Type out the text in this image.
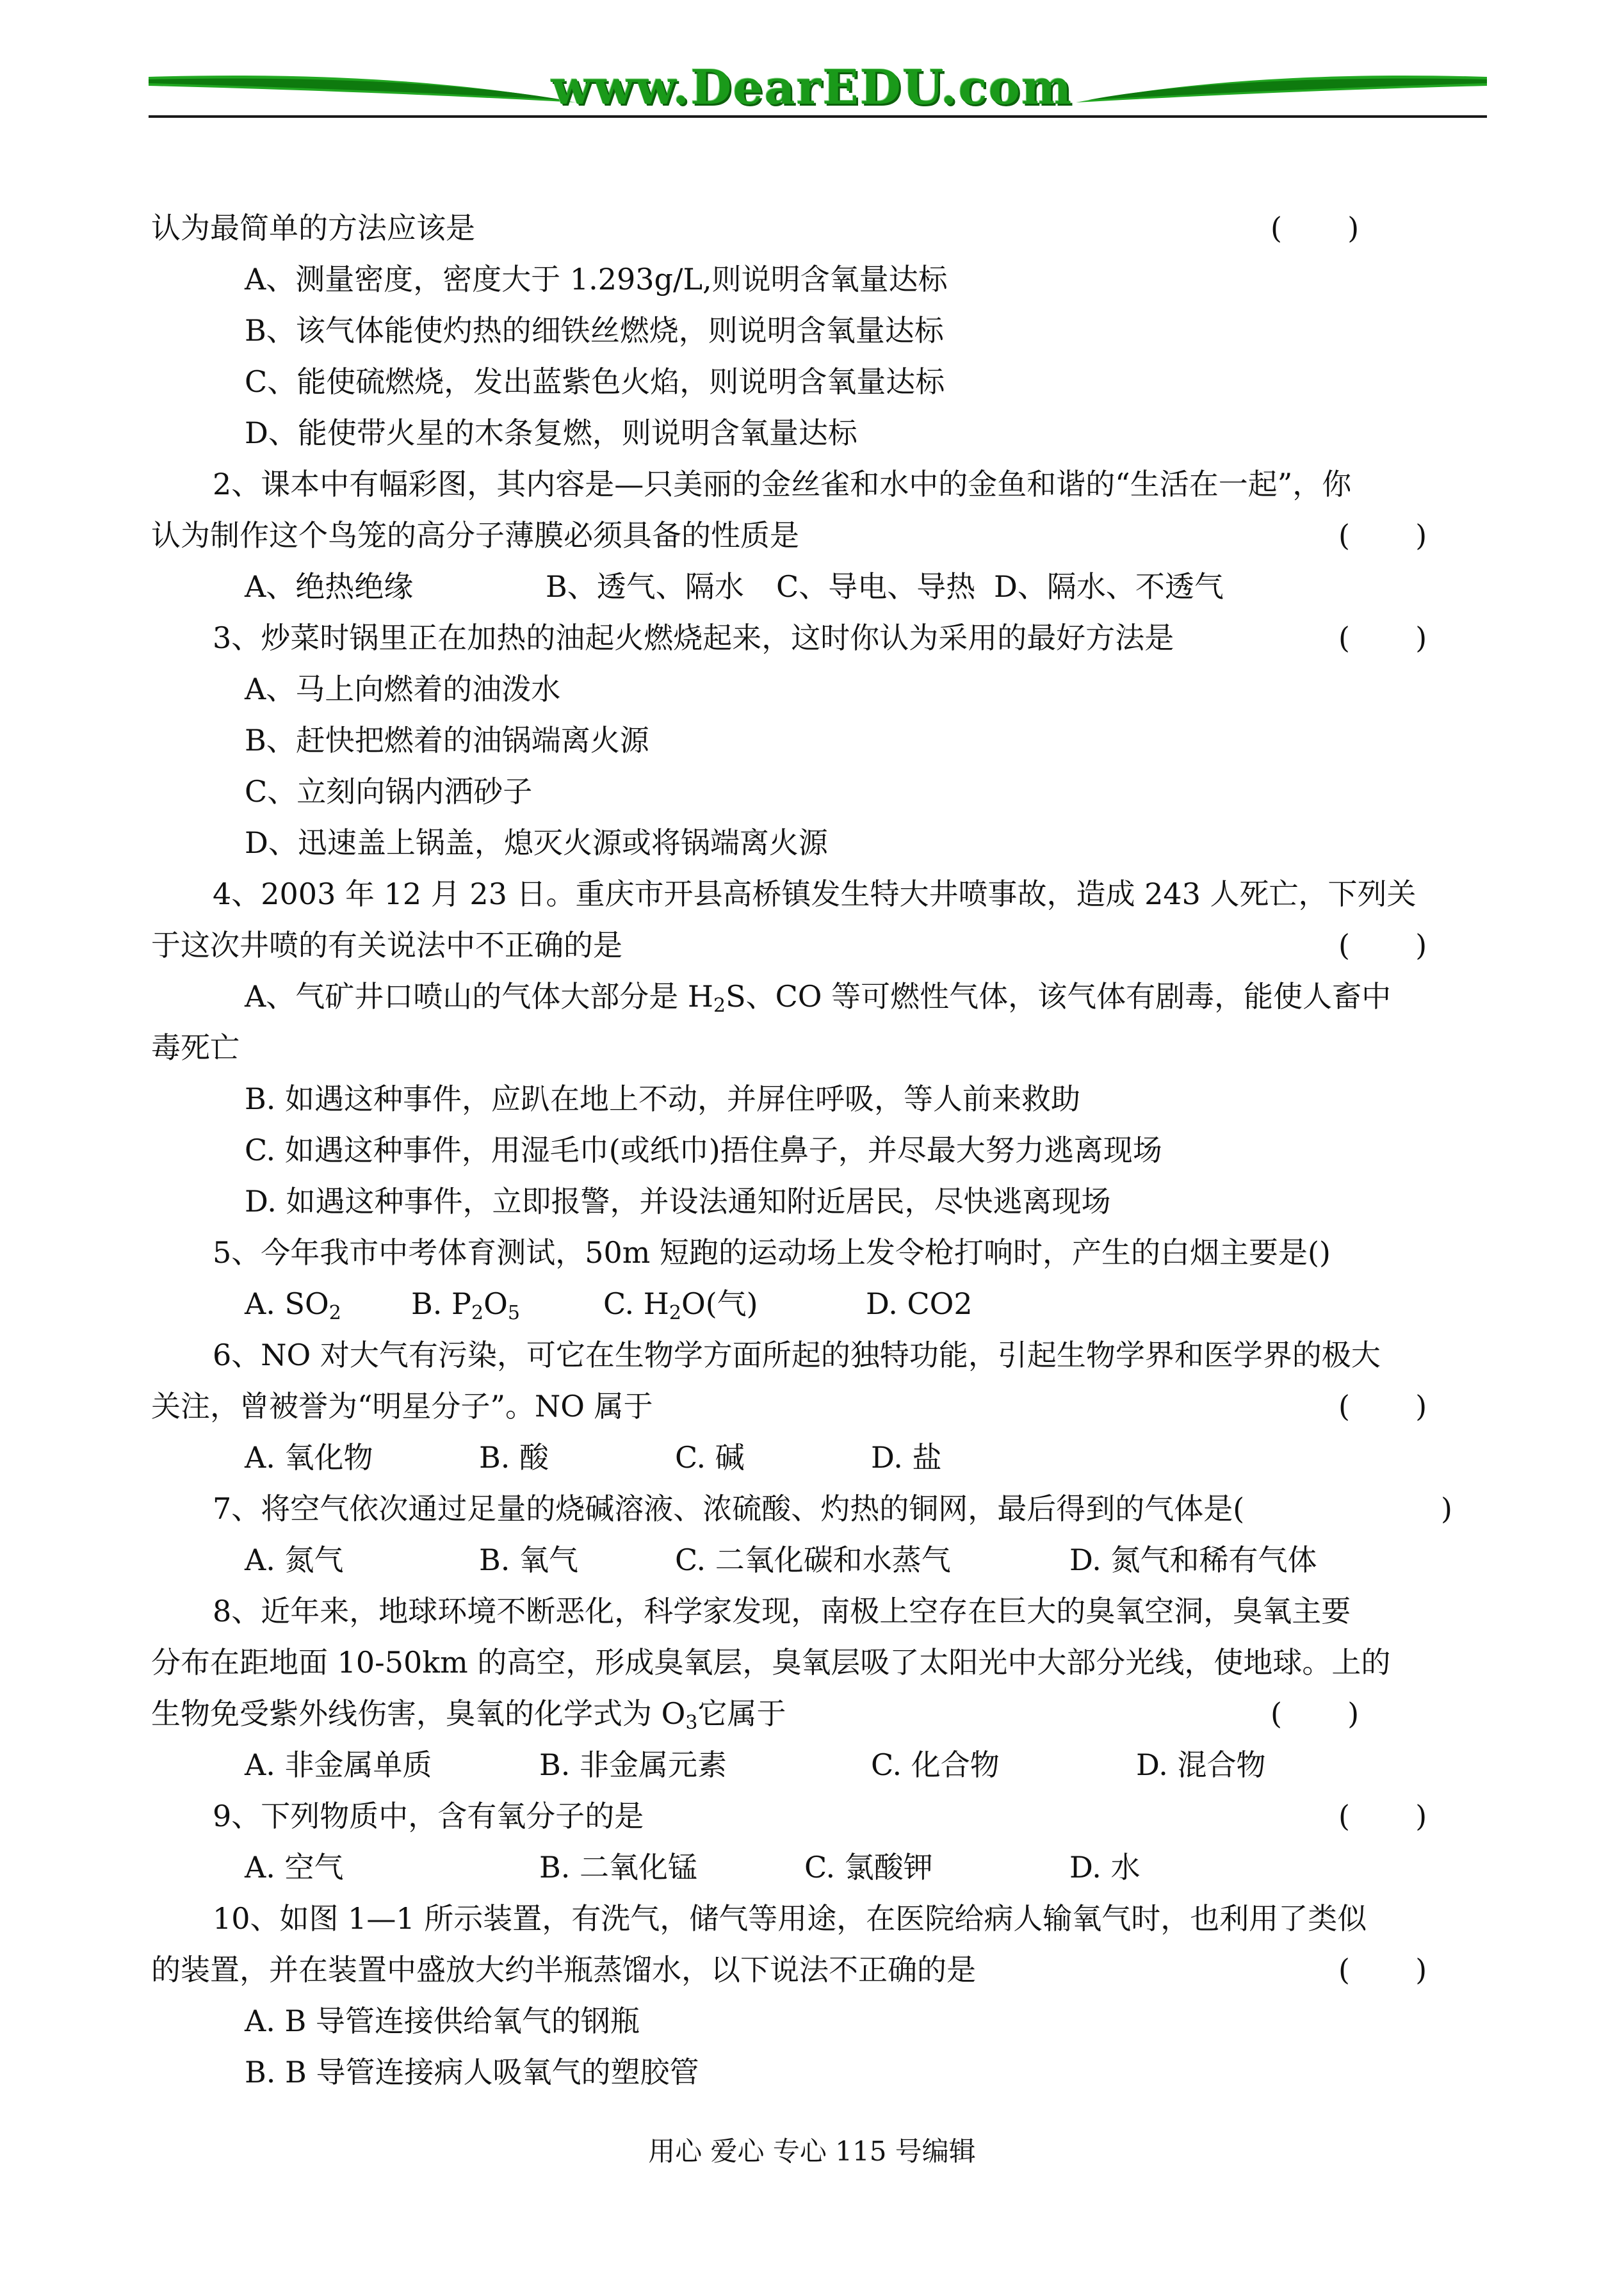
www.DearEDU.com
认为最简单的方法应该是	(       )
A、测量密度，密度大于 1.293g/L,则说明含氧量达标
B、该气体能使灼热的细铁丝燃烧，则说明含氧量达标
C、能使硫燃烧，发出蓝紫色火焰，则说明含氧量达标
D、能使带火星的木条复燃，则说明含氧量达标
2、课本中有幅彩图，其内容是—只美丽的金丝雀和水中的金鱼和谐的“生活在一起”，你
认为制作这个鸟笼的高分子薄膜必须具备的性质是	(       )
A、绝热绝缘	B、透气、隔水 C、导电、导热 D、隔水、不透气
3、炒菜时锅里正在加热的油起火燃烧起来，这时你认为采用的最好方法是	(       )
A、马上向燃着的油泼水
B、赶快把燃着的油锅端离火源
C、立刻向锅内洒砂子
D、迅速盖上锅盖，熄灭火源或将锅端离火源
4、2003 年 12 月 23 日。重庆市开县高桥镇发生特大井喷事故，造成 243 人死亡，下列关
于这次井喷的有关说法中不正确的是	(       )
A、气矿井口喷山的气体大部分是 $H_2S$、CO 等可燃性气体，该气体有剧毒，能使人畜中
毒死亡
B. 如遇这种事件，应趴在地上不动，并屏住呼吸，等人前来救助
C. 如遇这种事件，用湿毛巾(或纸巾)捂住鼻子，并尽最大努力逃离现场
D. 如遇这种事件，立即报警，并设法通知附近居民，尽快逃离现场
5、今年我市中考体育测试，50m 短跑的运动场上发令枪打响时，产生的白烟主要是()
A. $SO_2$ B. $P_2O_5$	C. $H_2O$(气)	D. CO2
6、NO 对大气有污染，可它在生物学方面所起的独特功能，引起生物学界和医学界的极大
关注，曾被誉为“明星分子”。NO 属于	(       )
A. 氧化物	B. 酸	C. 碱	D. 盐
7、将空气依次通过足量的烧碱溶液、浓硫酸、灼热的铜网，最后得到的气体是(	)
A. 氮气	B. 氧气	C. 二氧化碳和水蒸气	D. 氮气和稀有气体
8、近年来，地球环境不断恶化，科学家发现，南极上空存在巨大的臭氧空洞，臭氧主要
分布在距地面 10-50km 的高空，形成臭氧层，臭氧层吸了太阳光中大部分光线，使地球。上的
生物免受紫外线伤害，臭氧的化学式为 $O_3$它属于	(       )
A. 非金属单质	B. 非金属元素	C. 化合物	D. 混合物
9、下列物质中，含有氧分子的是	(       )
A. 空气	B. 二氧化锰	C. 氯酸钾	D. 水
10、如图 1—1 所示装置，有洗气，储气等用途，在医院给病人输氧气时，也利用了类似
的装置，并在装置中盛放大约半瓶蒸馏水，以下说法不正确的是	(       )
A. B 导管连接供给氧气的钢瓶
B. B 导管连接病人吸氧气的塑胶管
用心 爱心 专心 115 号编辑
